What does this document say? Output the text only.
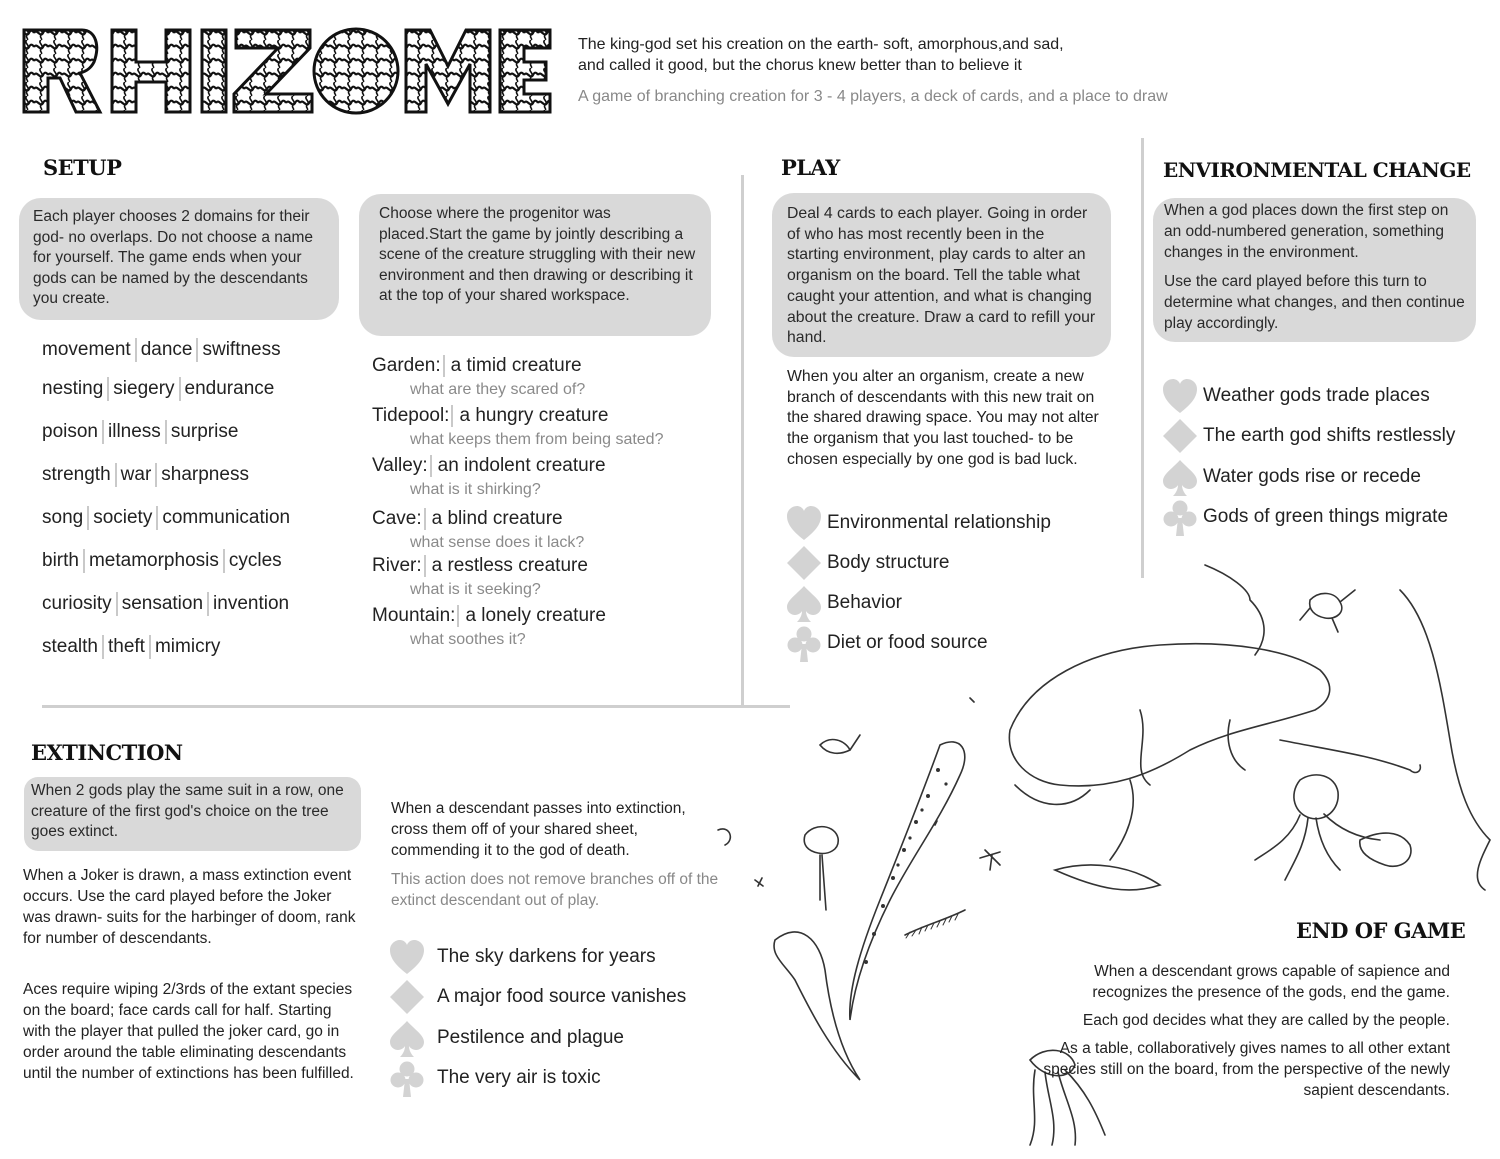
The king-god set his creation on the earth- soft, amorphous,and sad,
and called it good, but the chorus knew better than to believe it
A game of branching creation for 3 - 4 players, a deck of cards, and a place to draw
SETUP
Each player chooses 2 domains for their god- no overlaps. Do not choose a name for yourself. The game ends when your gods can be named by the descendants you create.
Choose where the progenitor was placed.Start the game by jointly describing a scene of the creature struggling with their new environment and then drawing or describing it at the top of your shared workspace.
movement dance swiftness
nesting siegery endurance
poison illness surprise
strength war sharpness
song society communication
birth metamorphosis cycles
curiosity sensation invention
stealth theft mimicry
Garden: a timid creature
what are they scared of?
Tidepool: a hungry creature
what keeps them from being sated?
Valley: an indolent creature
what is it shirking?
Cave: a blind creature
what sense does it lack?
River: a restless creature
what is it seeking?
Mountain: a lonely creature
what soothes it?
PLAY
Deal 4 cards to each player. Going in order of who has most recently been in the starting environment, play cards to alter an organism on the board. Tell the table what caught your attention, and what is changing about the creature. Draw a card to refill your hand.
When you alter an organism, create a new branch of descendants with this new trait on the shared drawing space. You may not alter the organism that you last touched- to be chosen especially by one god is bad luck.
Environmental relationship
Body structure
Behavior
Diet or food source
ENVIRONMENTAL CHANGE
When a god places down the first step on an odd-numbered generation, something changes in the environment.
Use the card played before this turn to determine what changes, and then continue play accordingly.
Weather gods trade places
The earth god shifts restlessly
Water gods rise or recede
Gods of green things migrate
EXTINCTION
When 2 gods play the same suit in a row, one creature of the first god's choice on the tree goes extinct.
When a Joker is drawn, a mass extinction event occurs. Use the card played before the Joker was drawn- suits for the harbinger of doom, rank for number of descendants.
Aces require wiping 2/3rds of the extant species on the board; face cards call for half. Starting with the player that pulled the joker card, go in order around the table eliminating descendants until the number of extinctions has been fulfilled.
When a descendant passes into extinction, cross them off of your shared sheet, commending it to the god of death.
This action does not remove branches off of the extinct descendant out of play.
The sky darkens for years
A major food source vanishes
Pestilence and plague
The very air is toxic
END OF GAME
When a descendant grows capable of sapience and recognizes the presence of the gods, end the game.
Each god decides what they are called by the people.
As a table, collaboratively gives names to all other extant species still on the board, from the perspective of the newly sapient descendants.
